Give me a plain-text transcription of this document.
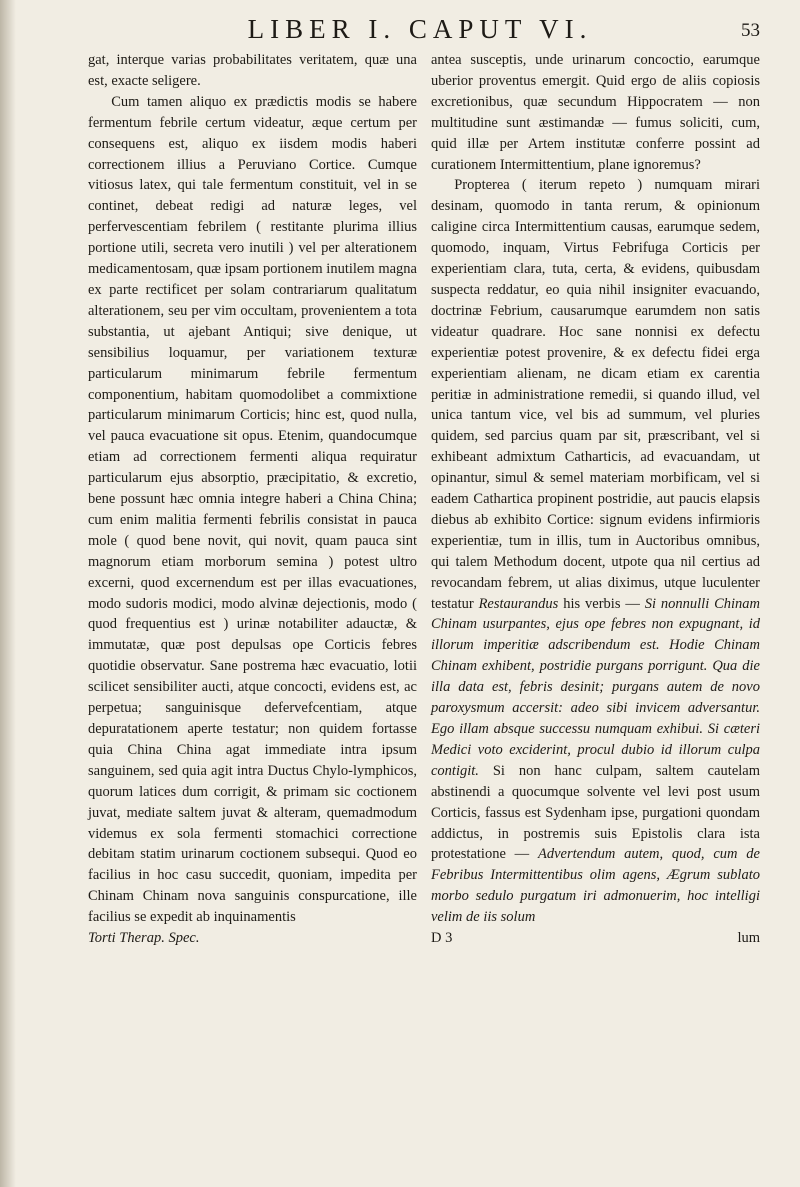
LIBER I. CAPUT VI.	53

gat, interque varias probabilitates veritatem, quæ una est, exacte seligere.

Cum tamen aliquo ex prædictis modis se habere fermentum febrile certum videatur, æque certum per consequens est, aliquo ex iisdem modis haberi correctionem illius a Peruviano Cortice. Cumque vitiosus latex, qui tale fermentum constituit, vel in se continet, debeat redigi ad naturæ leges, vel perfervescentiam febrilem ( restitante plurima illius portione utili, secreta vero inutili ) vel per alterationem medicamentosam, quæ ipsam portionem inutilem magna ex parte rectificet per solam contrariarum qualitatum alterationem, seu per vim occultam, provenientem a tota substantia, ut ajebant Antiqui; sive denique, ut sensibilius loquamur, per variationem texturæ particularum minimarum febrile fermentum componentium, habitam quomodolibet a commixtione particularum minimarum Corticis; hinc est, quod nulla, vel pauca evacuatione sit opus. Etenim, quandocumque etiam ad correctionem fermenti aliqua requiratur particularum ejus absorptio, præcipitatio, & excretio, bene possunt hæc omnia integre haberi a China China; cum enim malitia fermenti febrilis consistat in pauca mole ( quod bene novit, qui novit, quam pauca sint magnorum etiam morborum semina ) potest ultro excerni, quod excernendum est per illas evacuationes, modo sudoris modici, modo alvinæ dejectionis, modo ( quod frequentius est ) urinæ notabiliter adauctæ, & immutatæ, quæ post depulsas ope Corticis febres quotidie observatur. Sane postrema hæc evacuatio, lotii scilicet sensibiliter aucti, atque concocti, evidens est, ac perpetua; sanguinisque defervefcentiam, atque depuratationem aperte testatur; non quidem fortasse quia China China agat immediate intra ipsum sanguinem, sed quia agit intra Ductus Chylo-lymphicos, quorum latices dum corrigit, & primam sic coctionem juvat, mediate saltem juvat & alteram, quemadmodum videmus ex sola fermenti stomachici correctione debitam statim urinarum coctionem subsequi. Quod eo facilius in hoc casu succedit, quoniam, impedita per Chinam Chinam nova sanguinis conspurcatione, ille facilius se expedit ab inquinamentis

Torti Therap. Spec.

antea susceptis, unde urinarum concoctio, earumque uberior proventus emergit. Quid ergo de aliis copiosis excretionibus, quæ secundum Hippocratem — non multitudine sunt æstimandæ — fumus soliciti, cum, quid illæ per Artem institutæ conferre possint ad curationem Intermittentium, plane ignoremus?

Propterea ( iterum repeto ) numquam mirari desinam, quomodo in tanta rerum, & opinionum caligine circa Intermittentium causas, earumque sedem, quomodo, inquam, Virtus Febrifuga Corticis per experientiam clara, tuta, certa, & evidens, quibusdam suspecta reddatur, eo quia nihil insigniter evacuando, doctrinæ Febrium, causarumque earumdem non satis videatur quadrare. Hoc sane nonnisi ex defectu experientiæ potest provenire, & ex defectu fidei erga experientiam alienam, ne dicam etiam ex carentia peritiæ in administratione remedii, si quando illud, vel unica tantum vice, vel bis ad summum, vel pluries quidem, sed parcius quam par sit, præscribant, vel si exhibeant admixtum Catharticis, ad evacuandam, ut opinantur, simul & semel materiam morbificam, vel si eadem Cathartica propinent postridie, aut paucis elapsis diebus ab exhibito Cortice: signum evidens infirmioris experientiæ, tum in illis, tum in Auctoribus omnibus, qui talem Methodum docent, utpote qua nil certius ad revocandam febrem, ut alias diximus, utque luculenter testatur Restaurandus his verbis — Si nonnulli Chinam Chinam usurpantes, ejus ope febres non expugnant, id illorum imperitiæ adscribendum est. Hodie Chinam Chinam exhibent, postridie purgans porrigunt. Qua die illa data est, febris desinit; purgans autem de novo paroxysmum accersit: adeo sibi invicem adversantur. Ego illam absque successu numquam exhibui. Si cæteri Medici voto exciderint, procul dubio id illorum culpa contigit. Si non hanc culpam, saltem cautelam abstinendi a quocumque solvente vel levi post usum Corticis, fassus est Sydenham ipse, purgationi quondam addictus, in postremis suis Epistolis clara ista protestatione — Advertendum autem, quod, cum de Febribus Intermittentibus olim agens, Ægrum sublato morbo sedulo purgatum iri admonuerim, hoc intelligi velim de iis solum

D 3	lum
